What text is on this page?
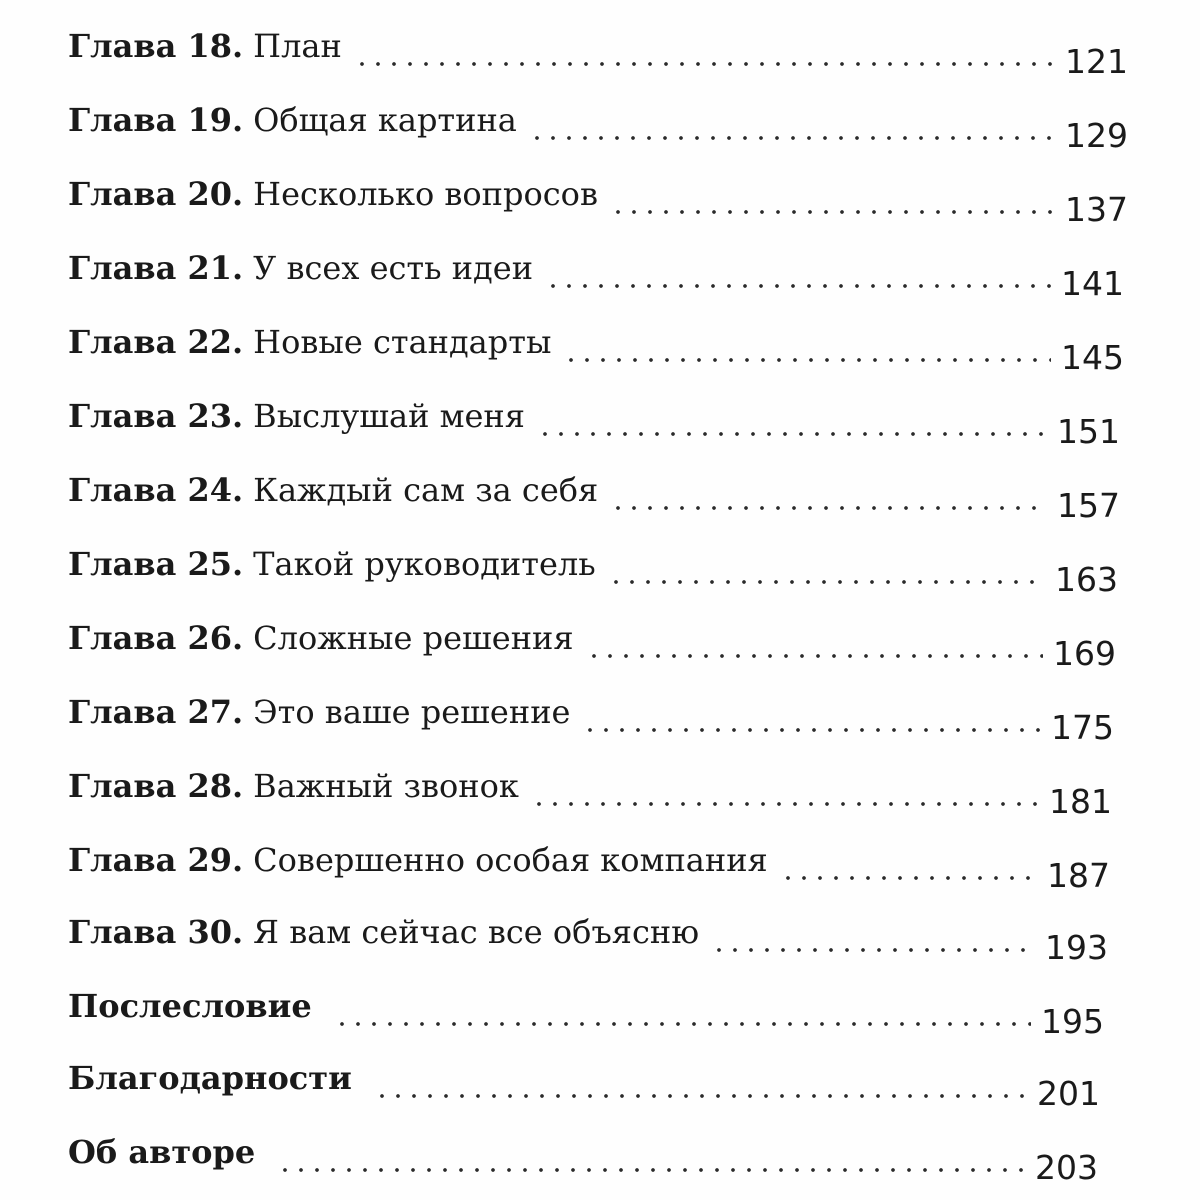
Глава 18. План	121
Глава 19. Общая картина	129
Глава 20. Несколько вопросов	137
Глава 21. У всех есть идеи	141
Глава 22. Новые стандарты	145
Глава 23. Выслушай меня	151
Глава 24. Каждый сам за себя	157
Глава 25. Такой руководитель	163
Глава 26. Сложные решения	169
Глава 27. Это ваше решение	175
Глава 28. Важный звонок	181
Глава 29. Совершенно особая компания	187
Глава 30. Я вам сейчас все объясню	193
Послесловие	195
Благодарности	201
Об авторе	203
